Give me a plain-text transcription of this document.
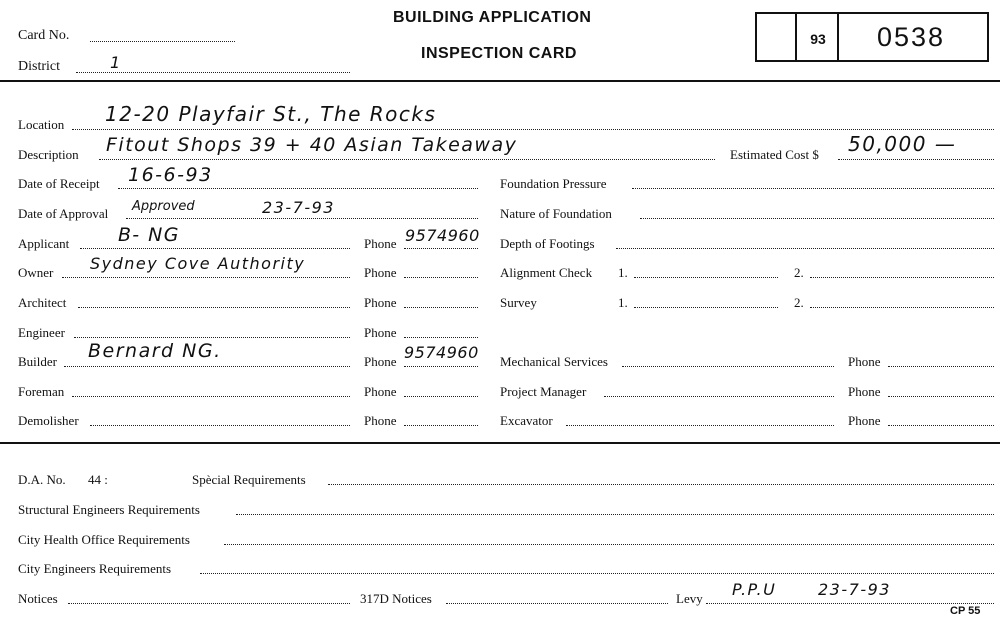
Card No.
District	1
BUILDING APPLICATION
INSPECTION CARD
93	0538
Location 12-20 Playfair St., The Rocks
Description Fitout Shops 39 + 40 Asian Takeaway	Estimated Cost $ 50,000 —
Date of Receipt 16-6-93
Date of Approval Approved	23-7-93
Applicant	B- NG	Phone 9574960
Owner Sydney Cove Authority	Phone
Architect	Phone
Engineer	Phone
Builder Bernard NG.	Phone 9574960
Foreman	Phone
Demolisher	Phone
Foundation Pressure
Nature of Foundation
Depth of Footings
Alignment Check 1.	2.
Survey	1.	2.
Mechanical Services	Phone
Project Manager	Phone
Excavator	Phone
D.A. No. 44 :	Spècial Requirements
Structural Engineers Requirements
City Health Office Requirements
City Engineers Requirements
Notices	317D Notices	Levy P.P.U	23-7-93
CP 55
